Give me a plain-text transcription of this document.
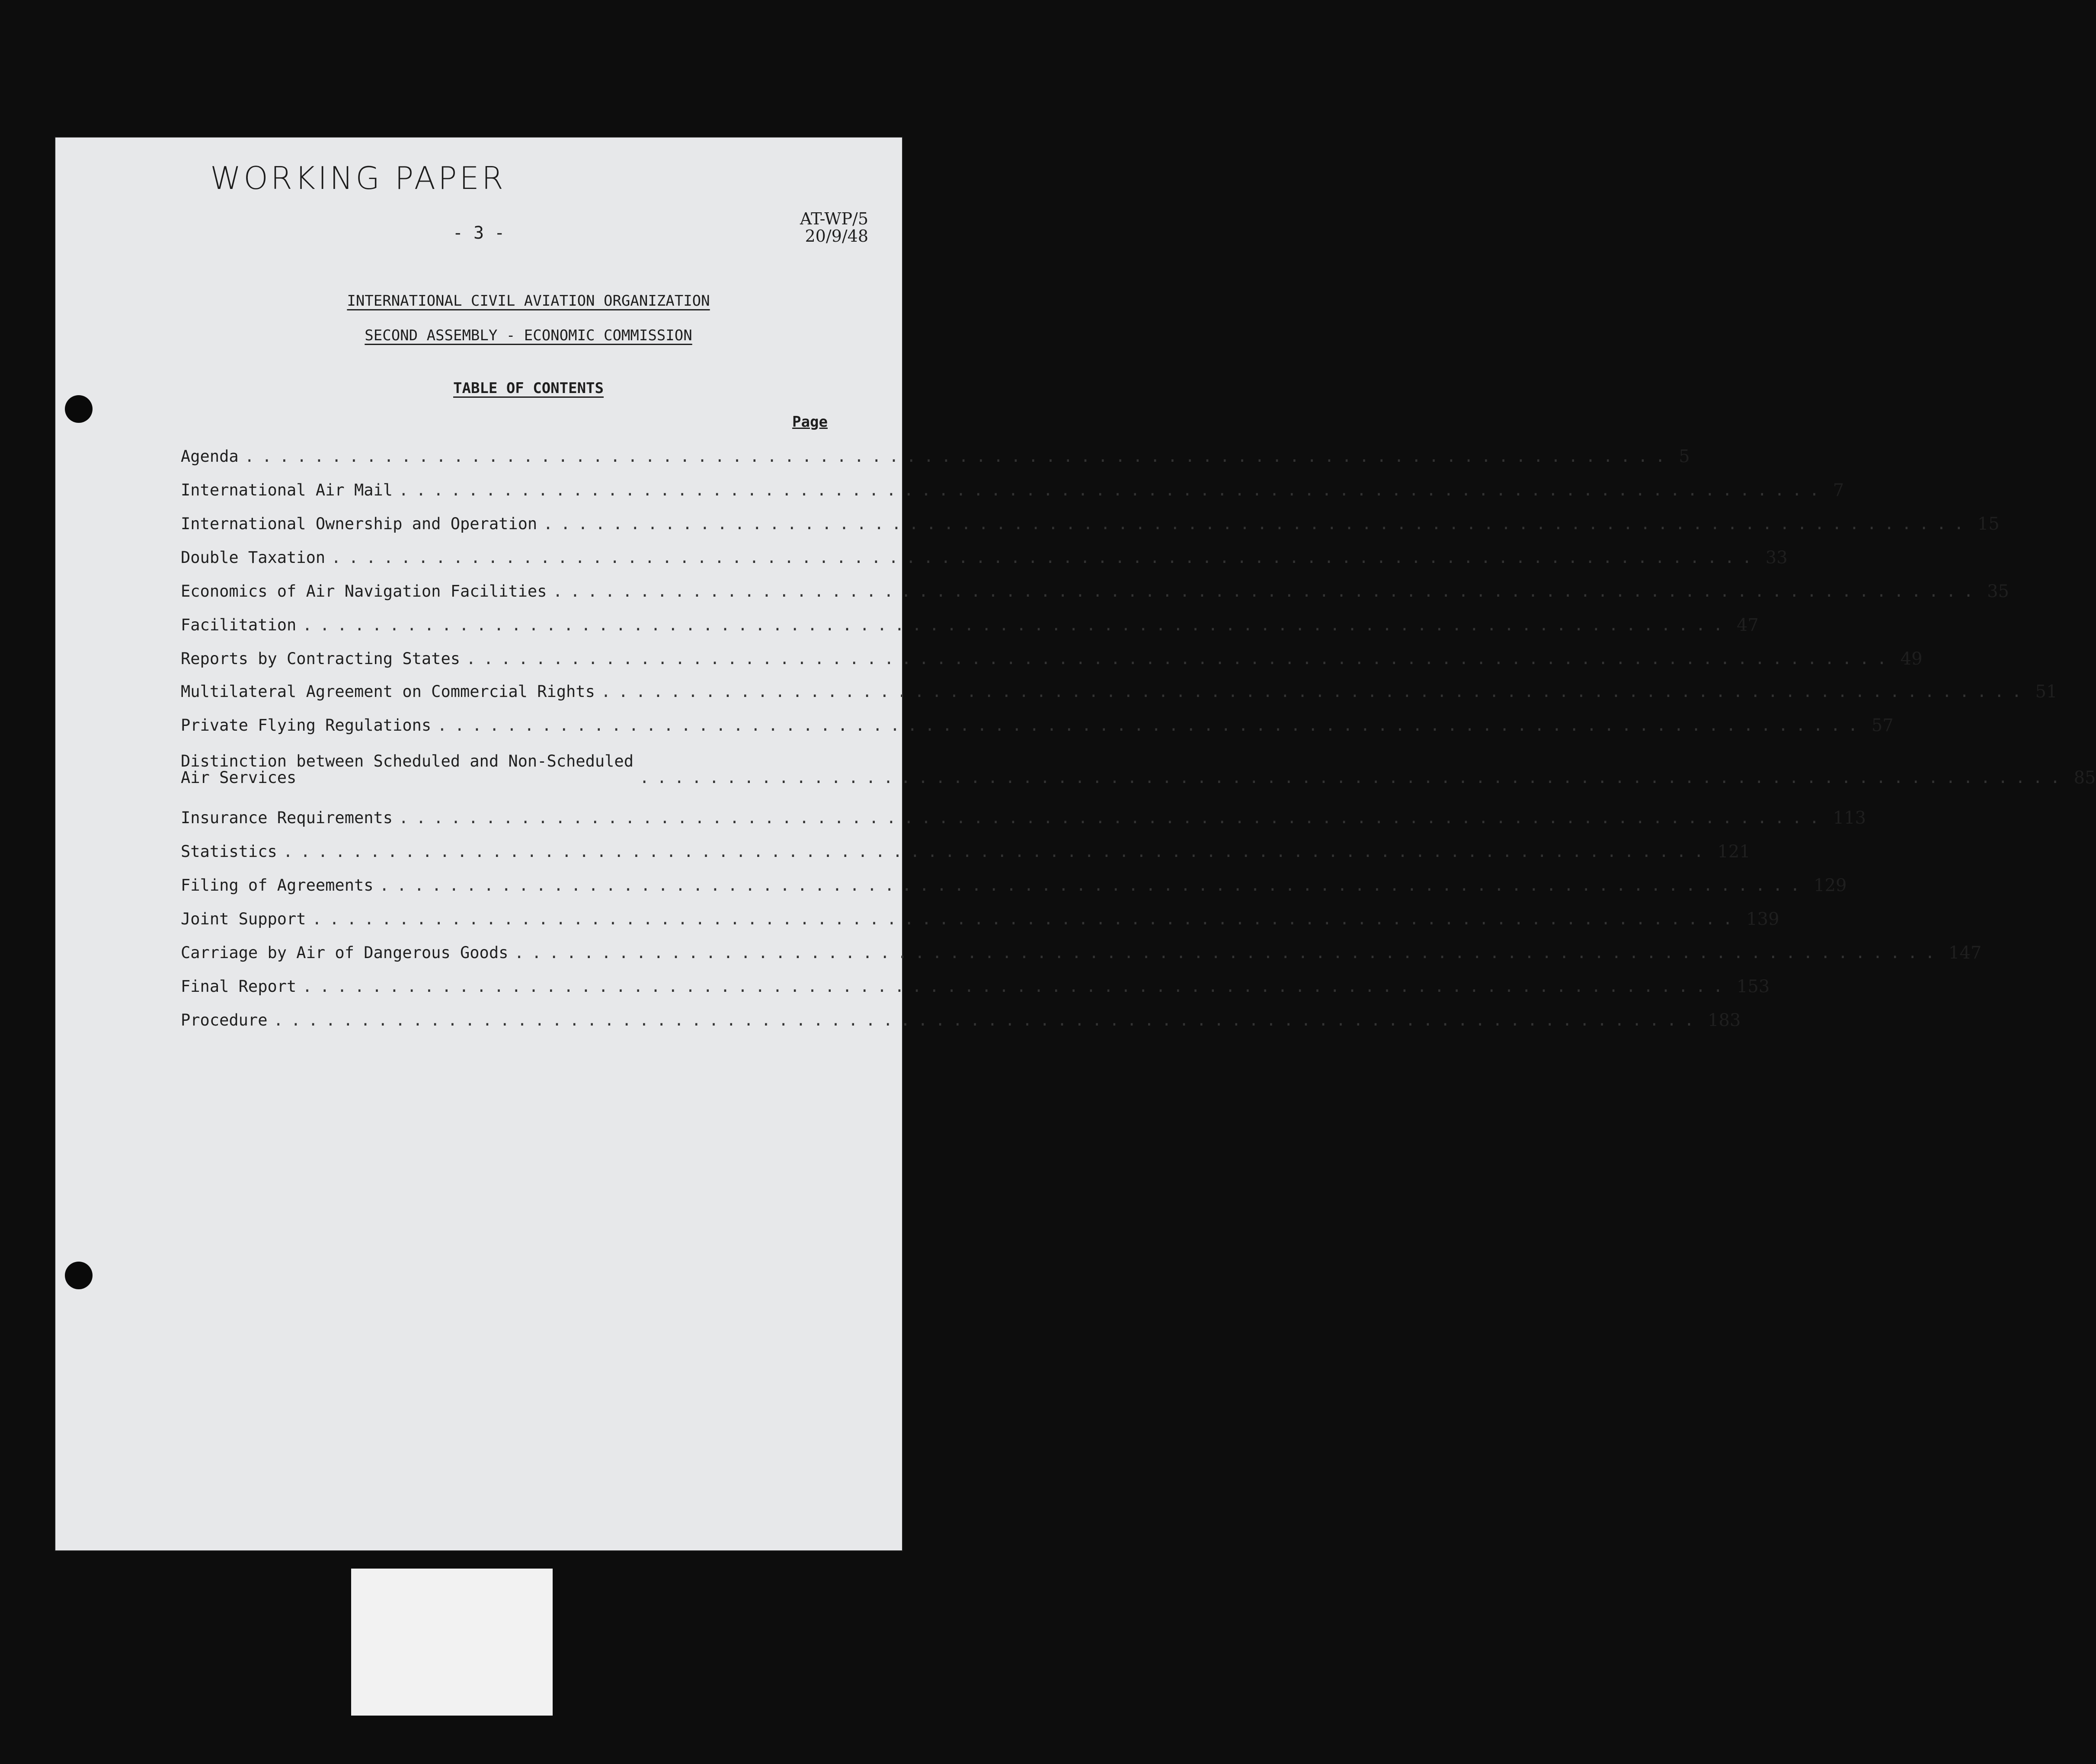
WORKING PAPER
- 3 -
AT-WP/5
20/9/48
INTERNATIONAL CIVIL AVIATION ORGANIZATION
SECOND ASSEMBLY - ECONOMIC COMMISSION
TABLE OF CONTENTS
Page
Agenda .................................................................................. 5
International Air Mail .................................................................................. 7
International Ownership and Operation .................................................................................. 15
Double Taxation .................................................................................. 33
Economics of Air Navigation Facilities .................................................................................. 35
Facilitation .................................................................................. 47
Reports by Contracting States .................................................................................. 49
Multilateral Agreement on Commercial Rights .................................................................................. 51
Private Flying Regulations .................................................................................. 57
Distinction between Scheduled and Non-Scheduled
Air Services	.................................................................................. 85
Insurance Requirements .................................................................................. 113
Statistics .................................................................................. 121
Filing of Agreements .................................................................................. 129
Joint Support .................................................................................. 139
Carriage by Air of Dangerous Goods .................................................................................. 147
Final Report .................................................................................. 153
Procedure .................................................................................. 183
